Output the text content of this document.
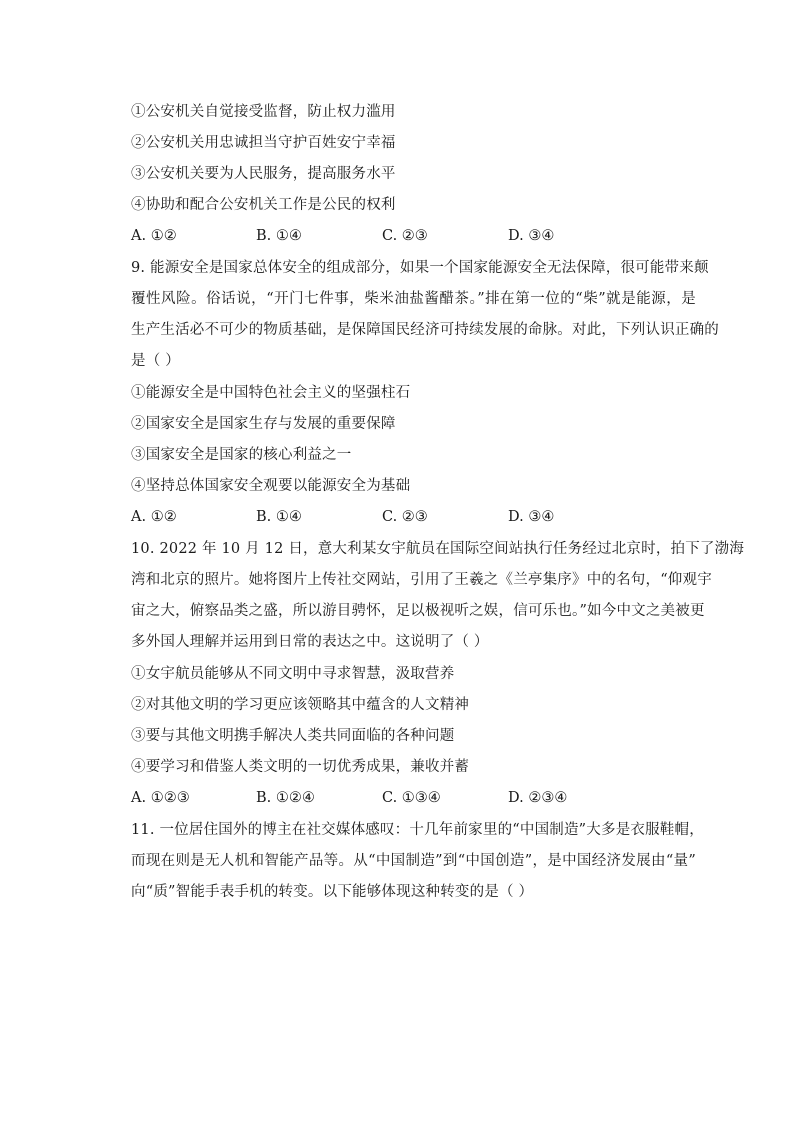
①公安机关自觉接受监督，防止权力滥用
②公安机关用忠诚担当守护百姓安宁幸福
③公安机关要为人民服务，提高服务水平
④协助和配合公安机关工作是公民的权利
A. ①②	B. ①④	C. ②③	D. ③④
9. 能源安全是国家总体安全的组成部分，如果一个国家能源安全无法保障，很可能带来颠
覆性风险。俗话说，“开门七件事，柴米油盐酱醋茶。”排在第一位的“柴”就是能源，是
生产生活必不可少的物质基础，是保障国民经济可持续发展的命脉。对此，下列认识正确的
是（ ）
①能源安全是中国特色社会主义的坚强柱石
②国家安全是国家生存与发展的重要保障
③国家安全是国家的核心利益之一
④坚持总体国家安全观要以能源安全为基础
A. ①②	B. ①④	C. ②③	D. ③④
10. 2022 年 10 月 12 日，意大利某女宇航员在国际空间站执行任务经过北京时，拍下了渤海
湾和北京的照片。她将图片上传社交网站，引用了王羲之《兰亭集序》中的名句，“仰观宇
宙之大，俯察品类之盛，所以游目骋怀，足以极视听之娱，信可乐也。”如今中文之美被更
多外国人理解并运用到日常的表达之中。这说明了（ ）
①女宇航员能够从不同文明中寻求智慧，汲取营养
②对其他文明的学习更应该领略其中蕴含的人文精神
③要与其他文明携手解决人类共同面临的各种问题
④要学习和借鉴人类文明的一切优秀成果，兼收并蓄
A. ①②③	B. ①②④	C. ①③④	D. ②③④
11. 一位居住国外的博主在社交媒体感叹：十几年前家里的“中国制造”大多是衣服鞋帽，
而现在则是无人机和智能产品等。从“中国制造”到“中国创造”，是中国经济发展由“量”
向“质”智能手表手机的转变。以下能够体现这种转变的是（ ）
